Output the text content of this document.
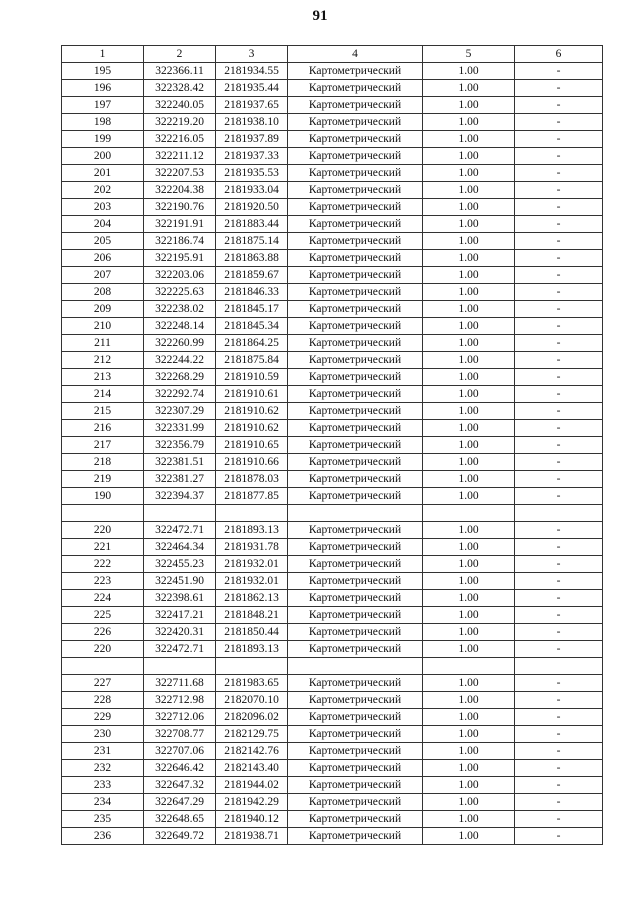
91
1	2	3	4	5	6
195	322366.11	2181934.55	Картометрический	1.00	-
196	322328.42	2181935.44	Картометрический	1.00	-
197	322240.05	2181937.65	Картометрический	1.00	-
198	322219.20	2181938.10	Картометрический	1.00	-
199	322216.05	2181937.89	Картометрический	1.00	-
200	322211.12	2181937.33	Картометрический	1.00	-
201	322207.53	2181935.53	Картометрический	1.00	-
202	322204.38	2181933.04	Картометрический	1.00	-
203	322190.76	2181920.50	Картометрический	1.00	-
204	322191.91	2181883.44	Картометрический	1.00	-
205	322186.74	2181875.14	Картометрический	1.00	-
206	322195.91	2181863.88	Картометрический	1.00	-
207	322203.06	2181859.67	Картометрический	1.00	-
208	322225.63	2181846.33	Картометрический	1.00	-
209	322238.02	2181845.17	Картометрический	1.00	-
210	322248.14	2181845.34	Картометрический	1.00	-
211	322260.99	2181864.25	Картометрический	1.00	-
212	322244.22	2181875.84	Картометрический	1.00	-
213	322268.29	2181910.59	Картометрический	1.00	-
214	322292.74	2181910.61	Картометрический	1.00	-
215	322307.29	2181910.62	Картометрический	1.00	-
216	322331.99	2181910.62	Картометрический	1.00	-
217	322356.79	2181910.65	Картометрический	1.00	-
218	322381.51	2181910.66	Картометрический	1.00	-
219	322381.27	2181878.03	Картометрический	1.00	-
190	322394.37	2181877.85	Картометрический	1.00	-

220	322472.71	2181893.13	Картометрический	1.00	-
221	322464.34	2181931.78	Картометрический	1.00	-
222	322455.23	2181932.01	Картометрический	1.00	-
223	322451.90	2181932.01	Картометрический	1.00	-
224	322398.61	2181862.13	Картометрический	1.00	-
225	322417.21	2181848.21	Картометрический	1.00	-
226	322420.31	2181850.44	Картометрический	1.00	-
220	322472.71	2181893.13	Картометрический	1.00	-

227	322711.68	2181983.65	Картометрический	1.00	-
228	322712.98	2182070.10	Картометрический	1.00	-
229	322712.06	2182096.02	Картометрический	1.00	-
230	322708.77	2182129.75	Картометрический	1.00	-
231	322707.06	2182142.76	Картометрический	1.00	-
232	322646.42	2182143.40	Картометрический	1.00	-
233	322647.32	2181944.02	Картометрический	1.00	-
234	322647.29	2181942.29	Картометрический	1.00	-
235	322648.65	2181940.12	Картометрический	1.00	-
236	322649.72	2181938.71	Картометрический	1.00	-
